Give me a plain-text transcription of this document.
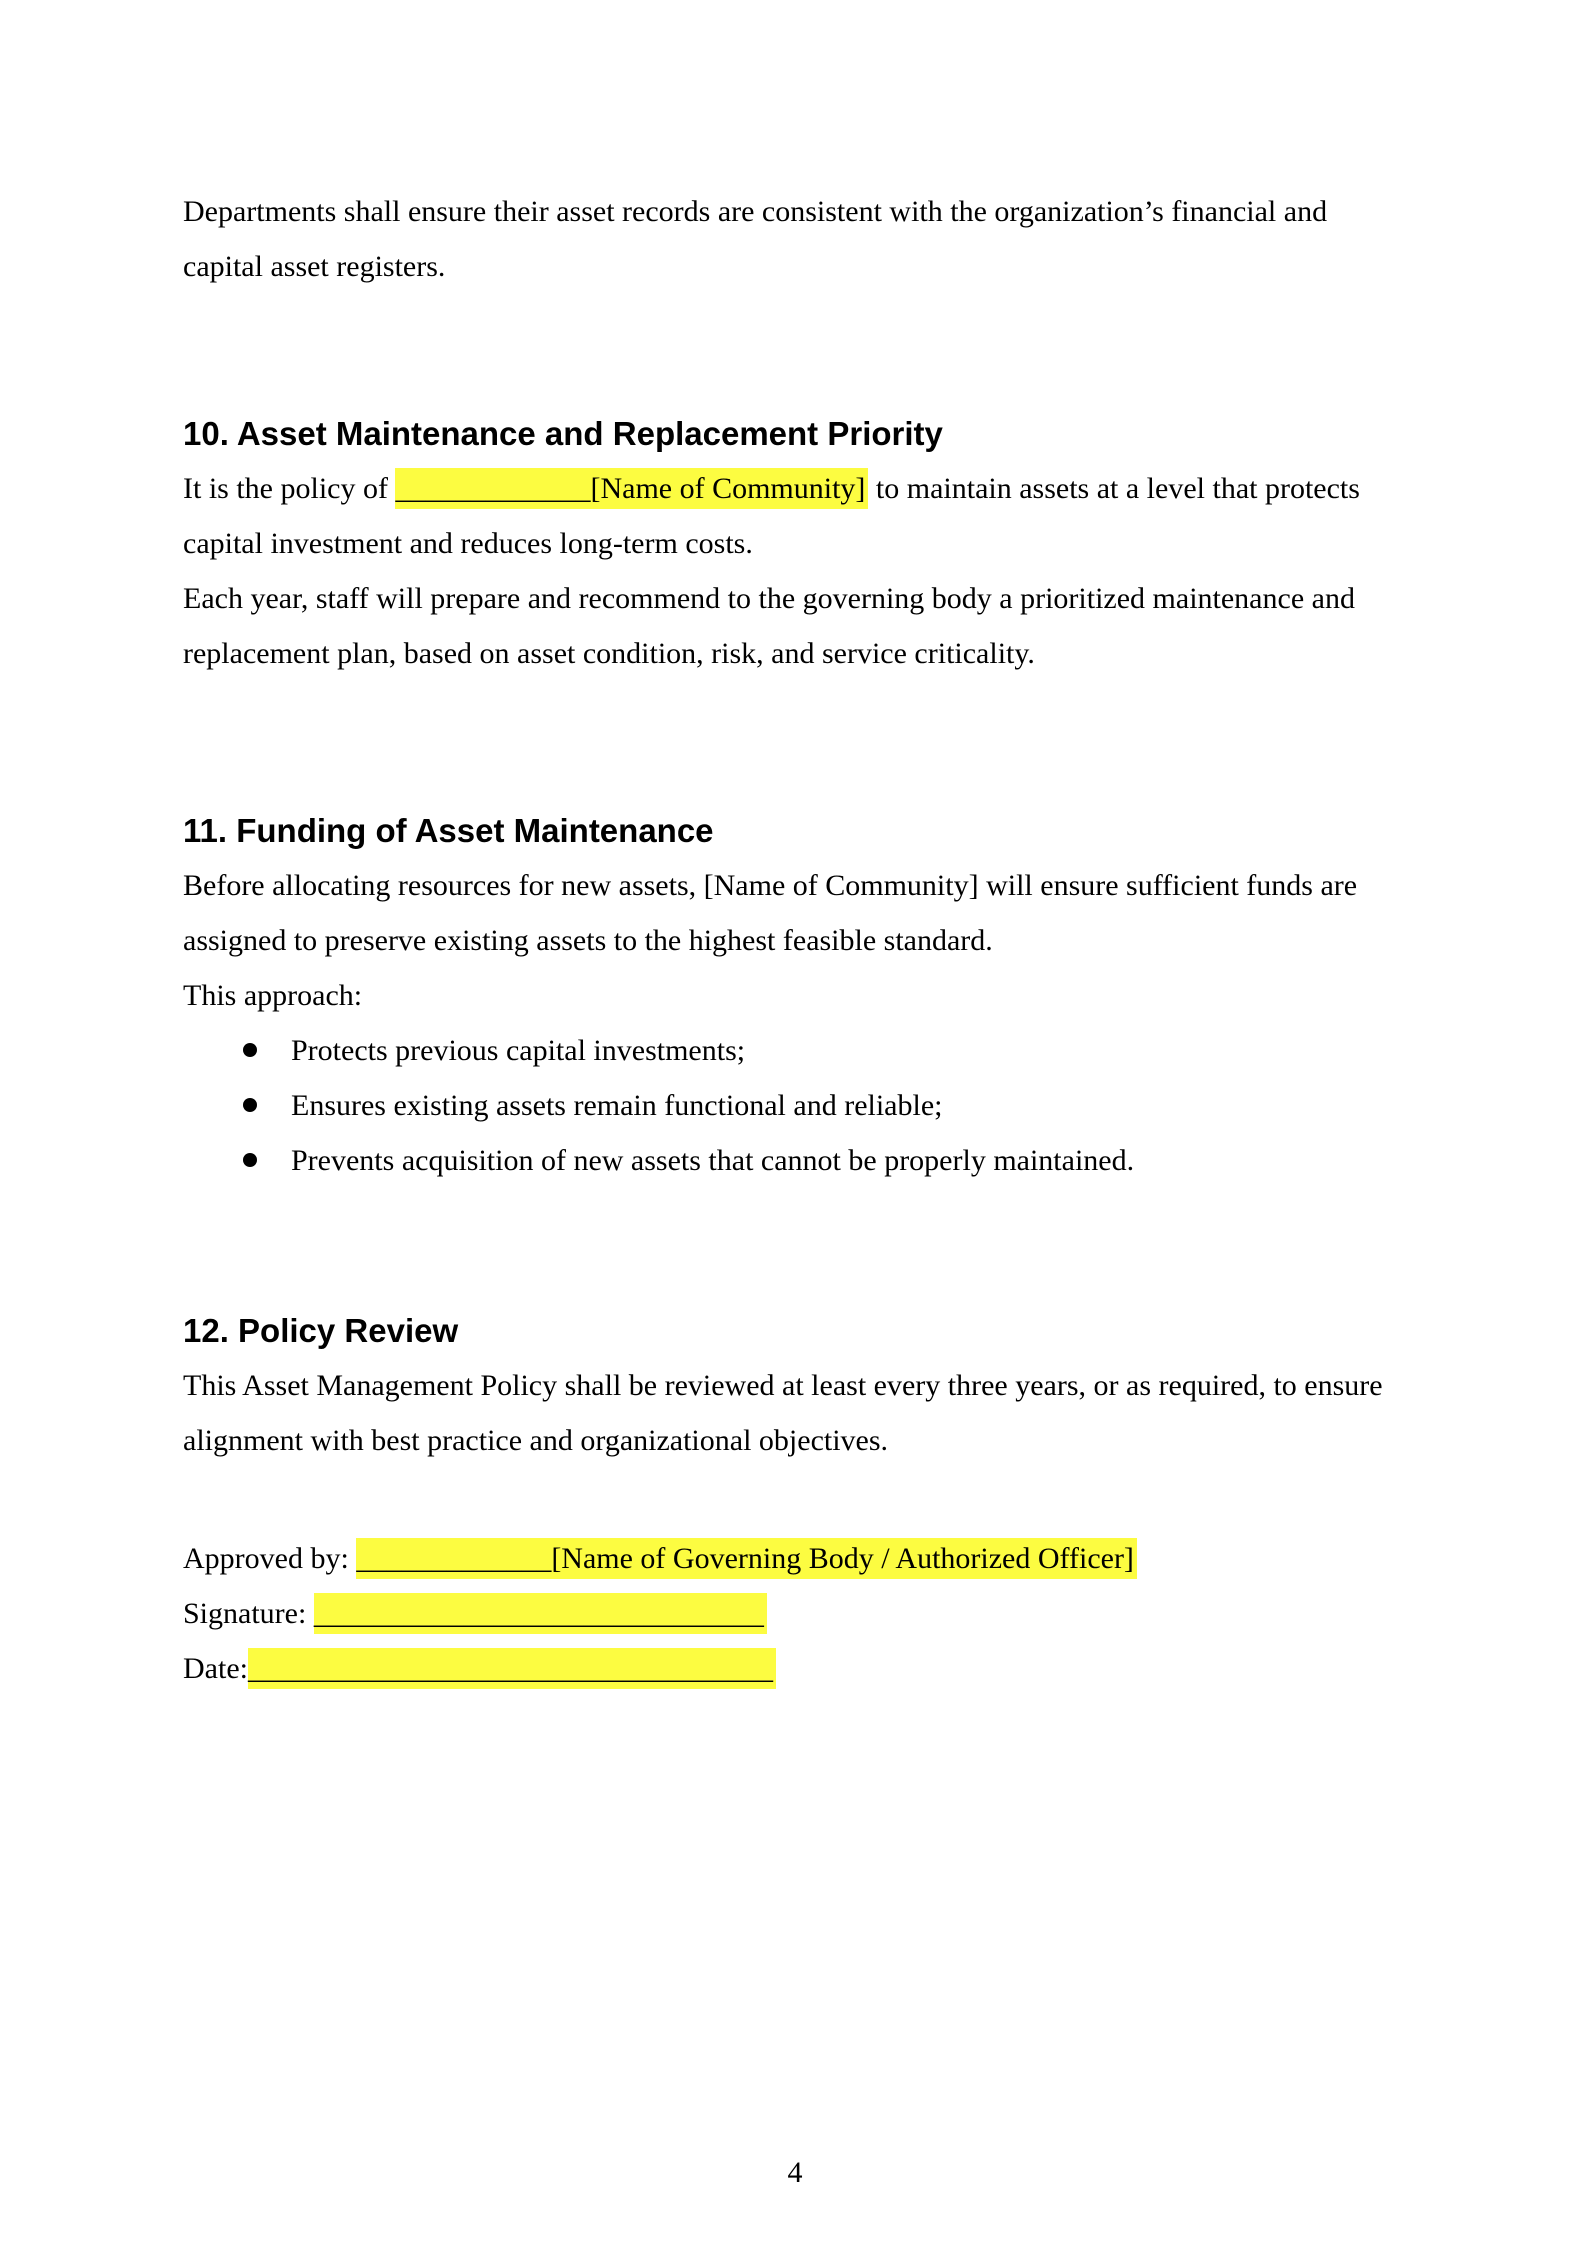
Departments shall ensure their asset records are consistent with the organization’s financial and capital asset registers.

10. Asset Maintenance and Replacement Priority

It is the policy of _____________[Name of Community] to maintain assets at a level that protects capital investment and reduces long-term costs.

Each year, staff will prepare and recommend to the governing body a prioritized maintenance and replacement plan, based on asset condition, risk, and service criticality.

11. Funding of Asset Maintenance

Before allocating resources for new assets, [Name of Community] will ensure sufficient funds are assigned to preserve existing assets to the highest feasible standard.

This approach:

Protects previous capital investments;
Ensures existing assets remain functional and reliable;
Prevents acquisition of new assets that cannot be properly maintained.
12. Policy Review

This Asset Management Policy shall be reviewed at least every three years, or as required, to ensure alignment with best practice and organizational objectives.

Approved by: _____________[Name of Governing Body / Authorized Officer]

Signature: ______________________________

Date:___________________________________

4
